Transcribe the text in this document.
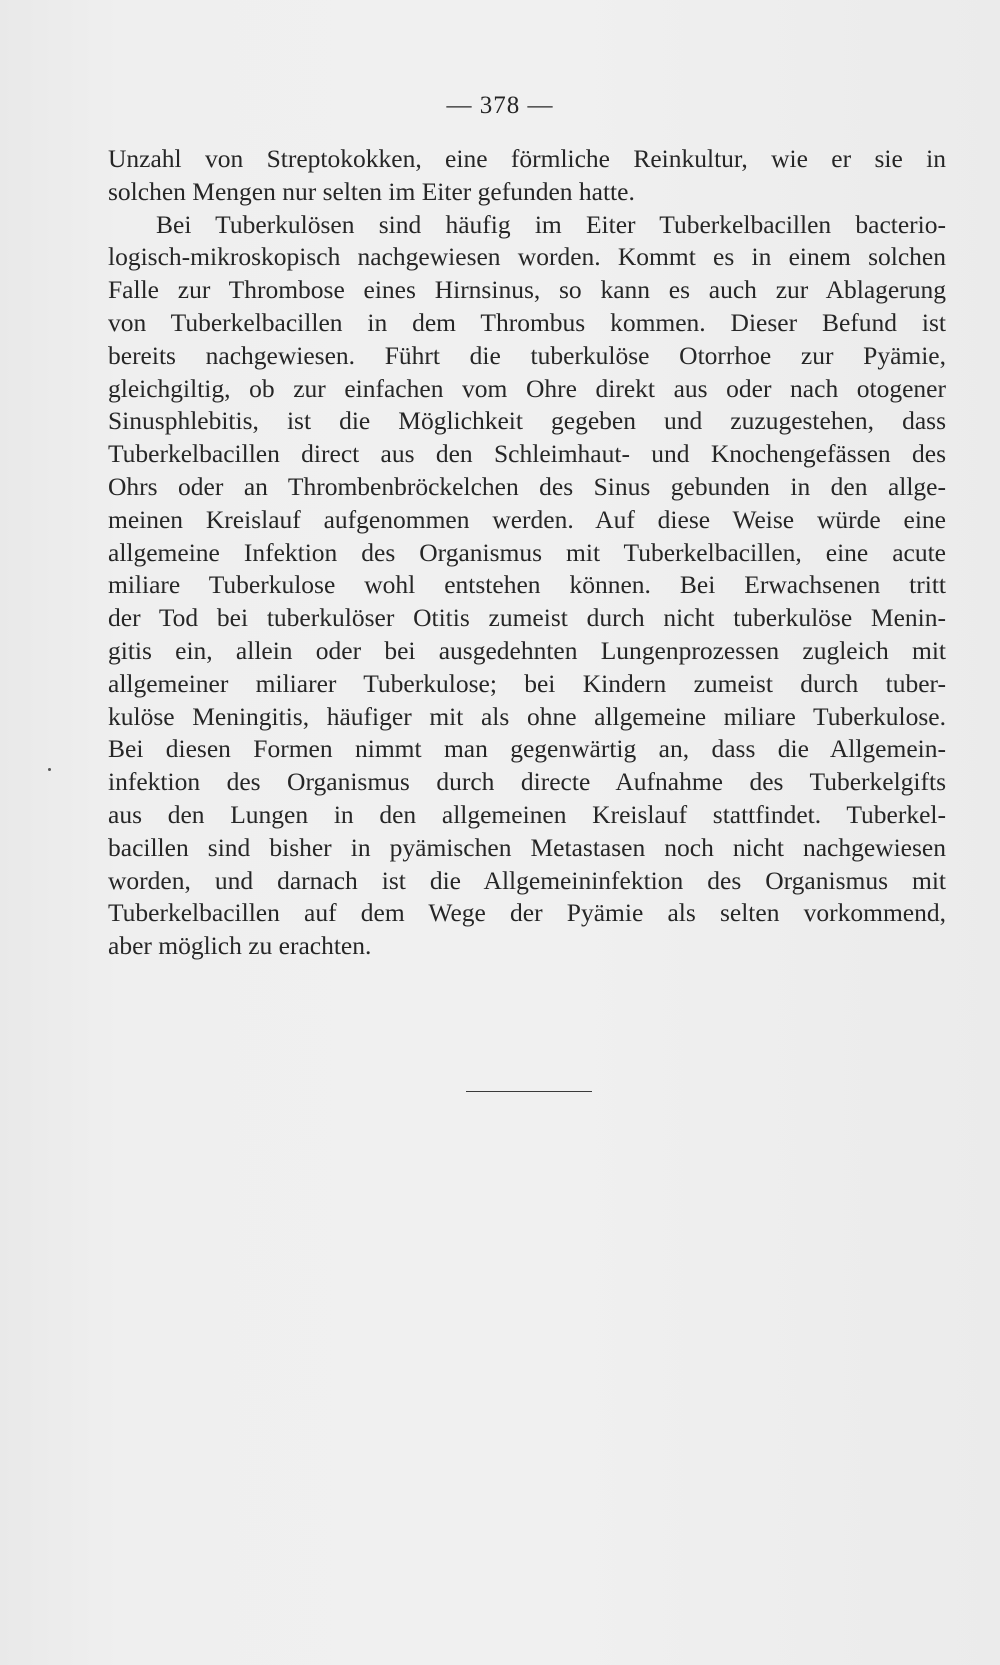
— 378 —
Unzahl von Streptokokken, eine förmliche Reinkultur, wie er sie in
solchen Mengen nur selten im Eiter gefunden hatte.
Bei Tuberkulösen sind häufig im Eiter Tuberkelbacillen bacterio-
logisch-mikroskopisch nachgewiesen worden. Kommt es in einem solchen
Falle zur Thrombose eines Hirnsinus, so kann es auch zur Ablagerung
von Tuberkelbacillen in dem Thrombus kommen. Dieser Befund ist
bereits nachgewiesen. Führt die tuberkulöse Otorrhoe zur Pyämie,
gleichgiltig, ob zur einfachen vom Ohre direkt aus oder nach otogener
Sinusphlebitis, ist die Möglichkeit gegeben und zuzugestehen, dass
Tuberkelbacillen direct aus den Schleimhaut- und Knochengefässen des
Ohrs oder an Thrombenbröckelchen des Sinus gebunden in den allge-
meinen Kreislauf aufgenommen werden. Auf diese Weise würde eine
allgemeine Infektion des Organismus mit Tuberkelbacillen, eine acute
miliare Tuberkulose wohl entstehen können. Bei Erwachsenen tritt
der Tod bei tuberkulöser Otitis zumeist durch nicht tuberkulöse Menin-
gitis ein, allein oder bei ausgedehnten Lungenprozessen zugleich mit
allgemeiner miliarer Tuberkulose; bei Kindern zumeist durch tuber-
kulöse Meningitis, häufiger mit als ohne allgemeine miliare Tuberkulose.
Bei diesen Formen nimmt man gegenwärtig an, dass die Allgemein-
infektion des Organismus durch directe Aufnahme des Tuberkelgifts
aus den Lungen in den allgemeinen Kreislauf stattfindet. Tuberkel-
bacillen sind bisher in pyämischen Metastasen noch nicht nachgewiesen
worden, und darnach ist die Allgemeininfektion des Organismus mit
Tuberkelbacillen auf dem Wege der Pyämie als selten vorkommend,
aber möglich zu erachten.
